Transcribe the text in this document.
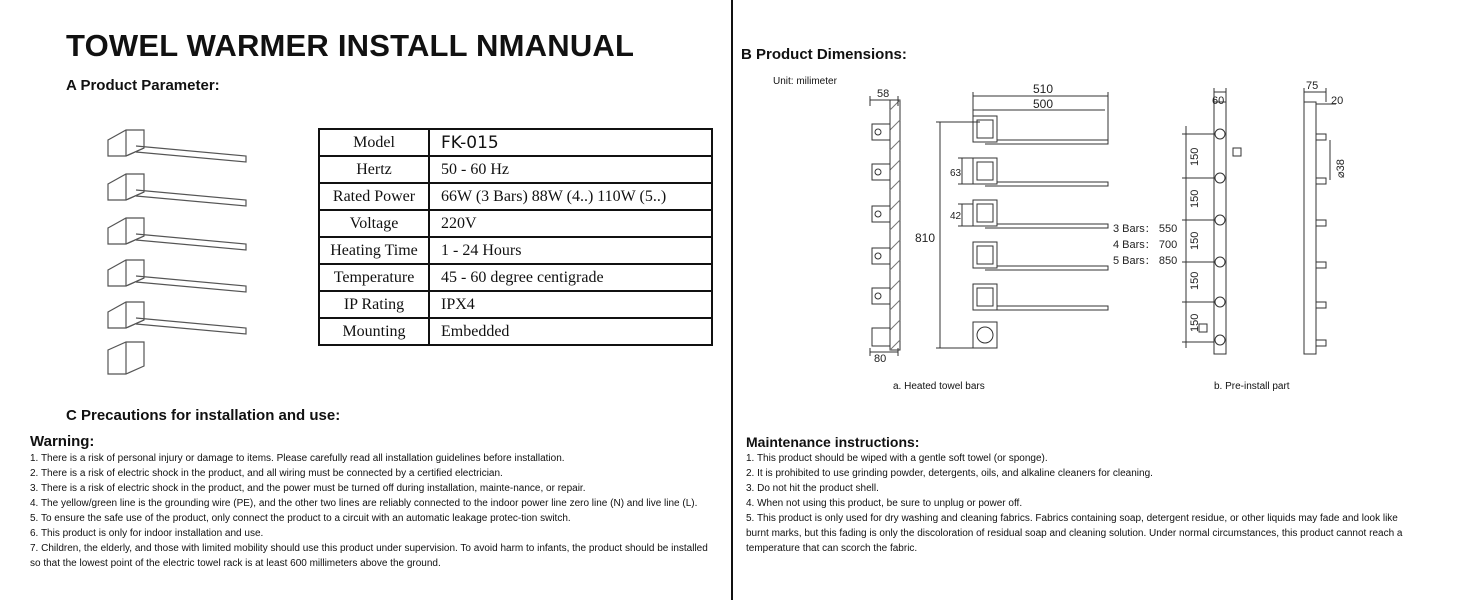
TOWEL WARMER INSTALL NMANUAL
A Product Parameter:
Model	FK-015
Hertz	50 - 60 Hz
Rated Power	66W (3 Bars) 88W (4..) 110W (5..)
Voltage	220V
Heating Time	1 - 24 Hours
Temperature	45 - 60 degree centigrade
IP Rating	IPX4
Mounting	Embedded
C Precautions for installation and use:
Warning:
1. There is a risk of personal injury or damage to items. Please carefully read all installation guidelines before installation.
2. There is a risk of electric shock in the product, and all wiring must be connected by a certified electrician.
3. There is a risk of electric shock in the product, and the power must be turned off during installation, mainte-nance, or repair.
4. The yellow/green line is the grounding wire (PE), and the other two lines are reliably connected to the indoor power line zero line (N) and live line (L).
5. To ensure the safe use of the product, only connect the product to a circuit with an automatic leakage protec-tion switch.
6. This product is only for indoor installation and use.
7. Children, the elderly, and those with limited mobility should use this product under supervision. To avoid harm to infants, the product should be installed
so that the lowest point of the electric towel rack is at least 600 millimeters above the ground.
B Product Dimensions:
Unit: milimeter
58
80
510
500
810
63
42
75
60	20
⌀38
150
150
150
150
150
3 Bars： 550
4 Bars： 700
5 Bars： 850
a. Heated towel bars	b. Pre-install part
Maintenance instructions:
1. This product should be wiped with a gentle soft towel (or sponge).
2. It is prohibited to use grinding powder, detergents, oils, and alkaline cleaners for cleaning.
3. Do not hit the product shell.
4. When not using this product, be sure to unplug or power off.
5. This product is only used for dry washing and cleaning fabrics. Fabrics containing soap, detergent residue, or other liquids may fade and look like
burnt marks, but this fading is only the discoloration of residual soap and cleaning solution. Under normal circumstances, this product cannot reach a
temperature that can scorch the fabric.
